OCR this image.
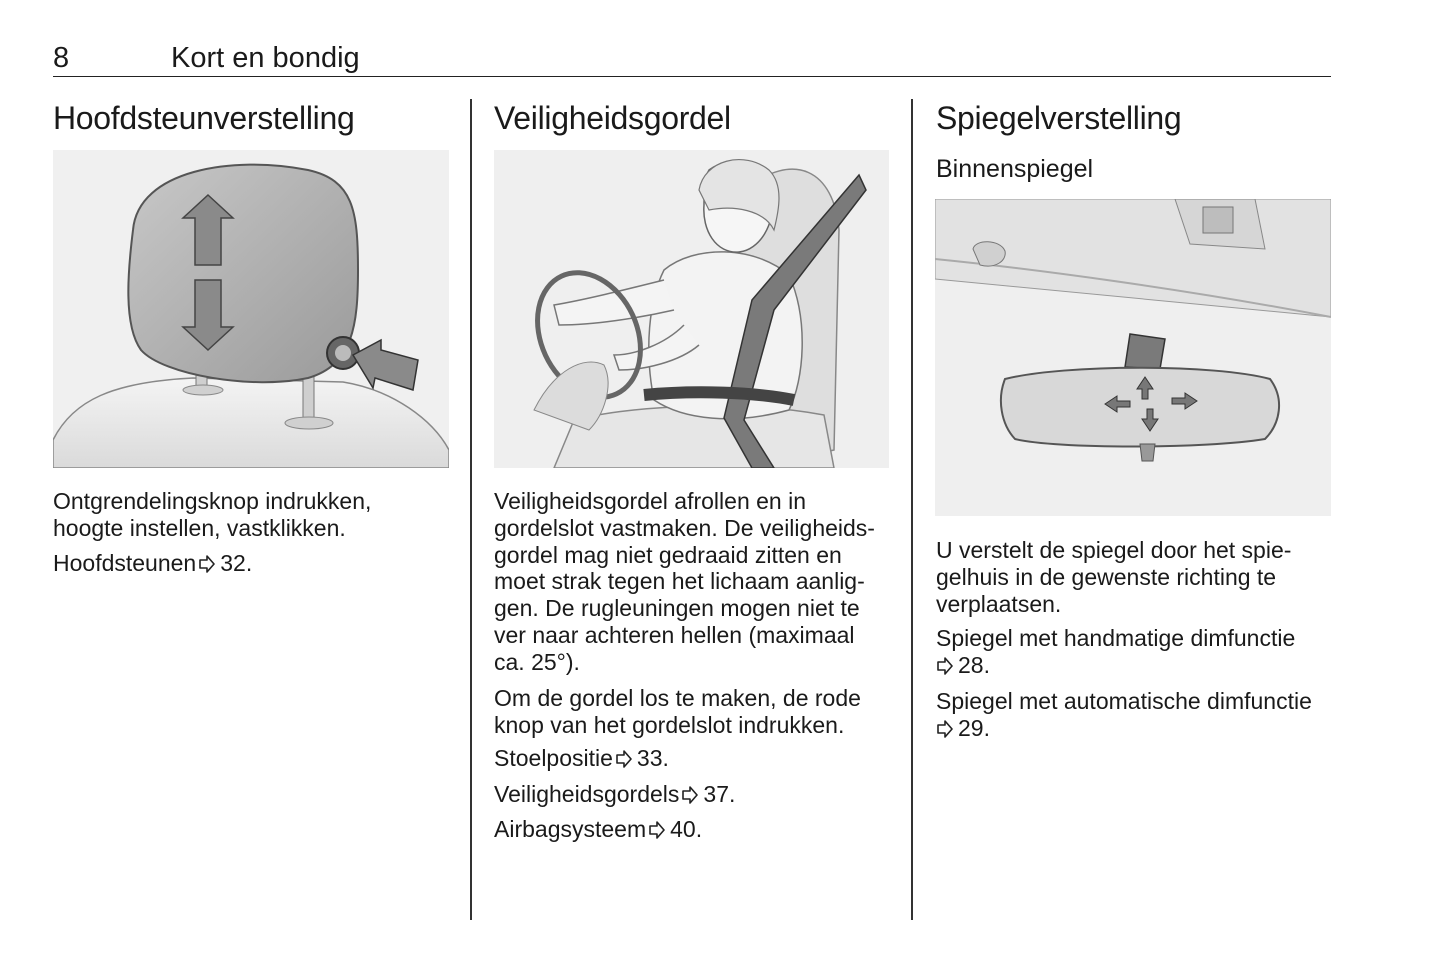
8	Kort en bondig
Hoofdsteunverstelling

Ontgrendelingsknop indrukken,
hoogte instellen, vastklikken.

Hoofdsteunen 32.

Veiligheidsgordel

Veiligheidsgordel afrollen en in
gordelslot vastmaken. De veiligheids-
gordel mag niet gedraaid zitten en
moet strak tegen het lichaam aanlig-
gen. De rugleuningen mogen niet te
ver naar achteren hellen (maximaal
ca. 25°).

Om de gordel los te maken, de rode
knop van het gordelslot indrukken.

Stoelpositie 33.

Veiligheidsgordels 37.

Airbagsysteem 40.

Spiegelverstelling
Binnenspiegel

U verstelt de spiegel door het spie-
gelhuis in de gewenste richting te
verplaatsen.

Spiegel met handmatige dimfunctie
28.

Spiegel met automatische dimfunctie
29.
